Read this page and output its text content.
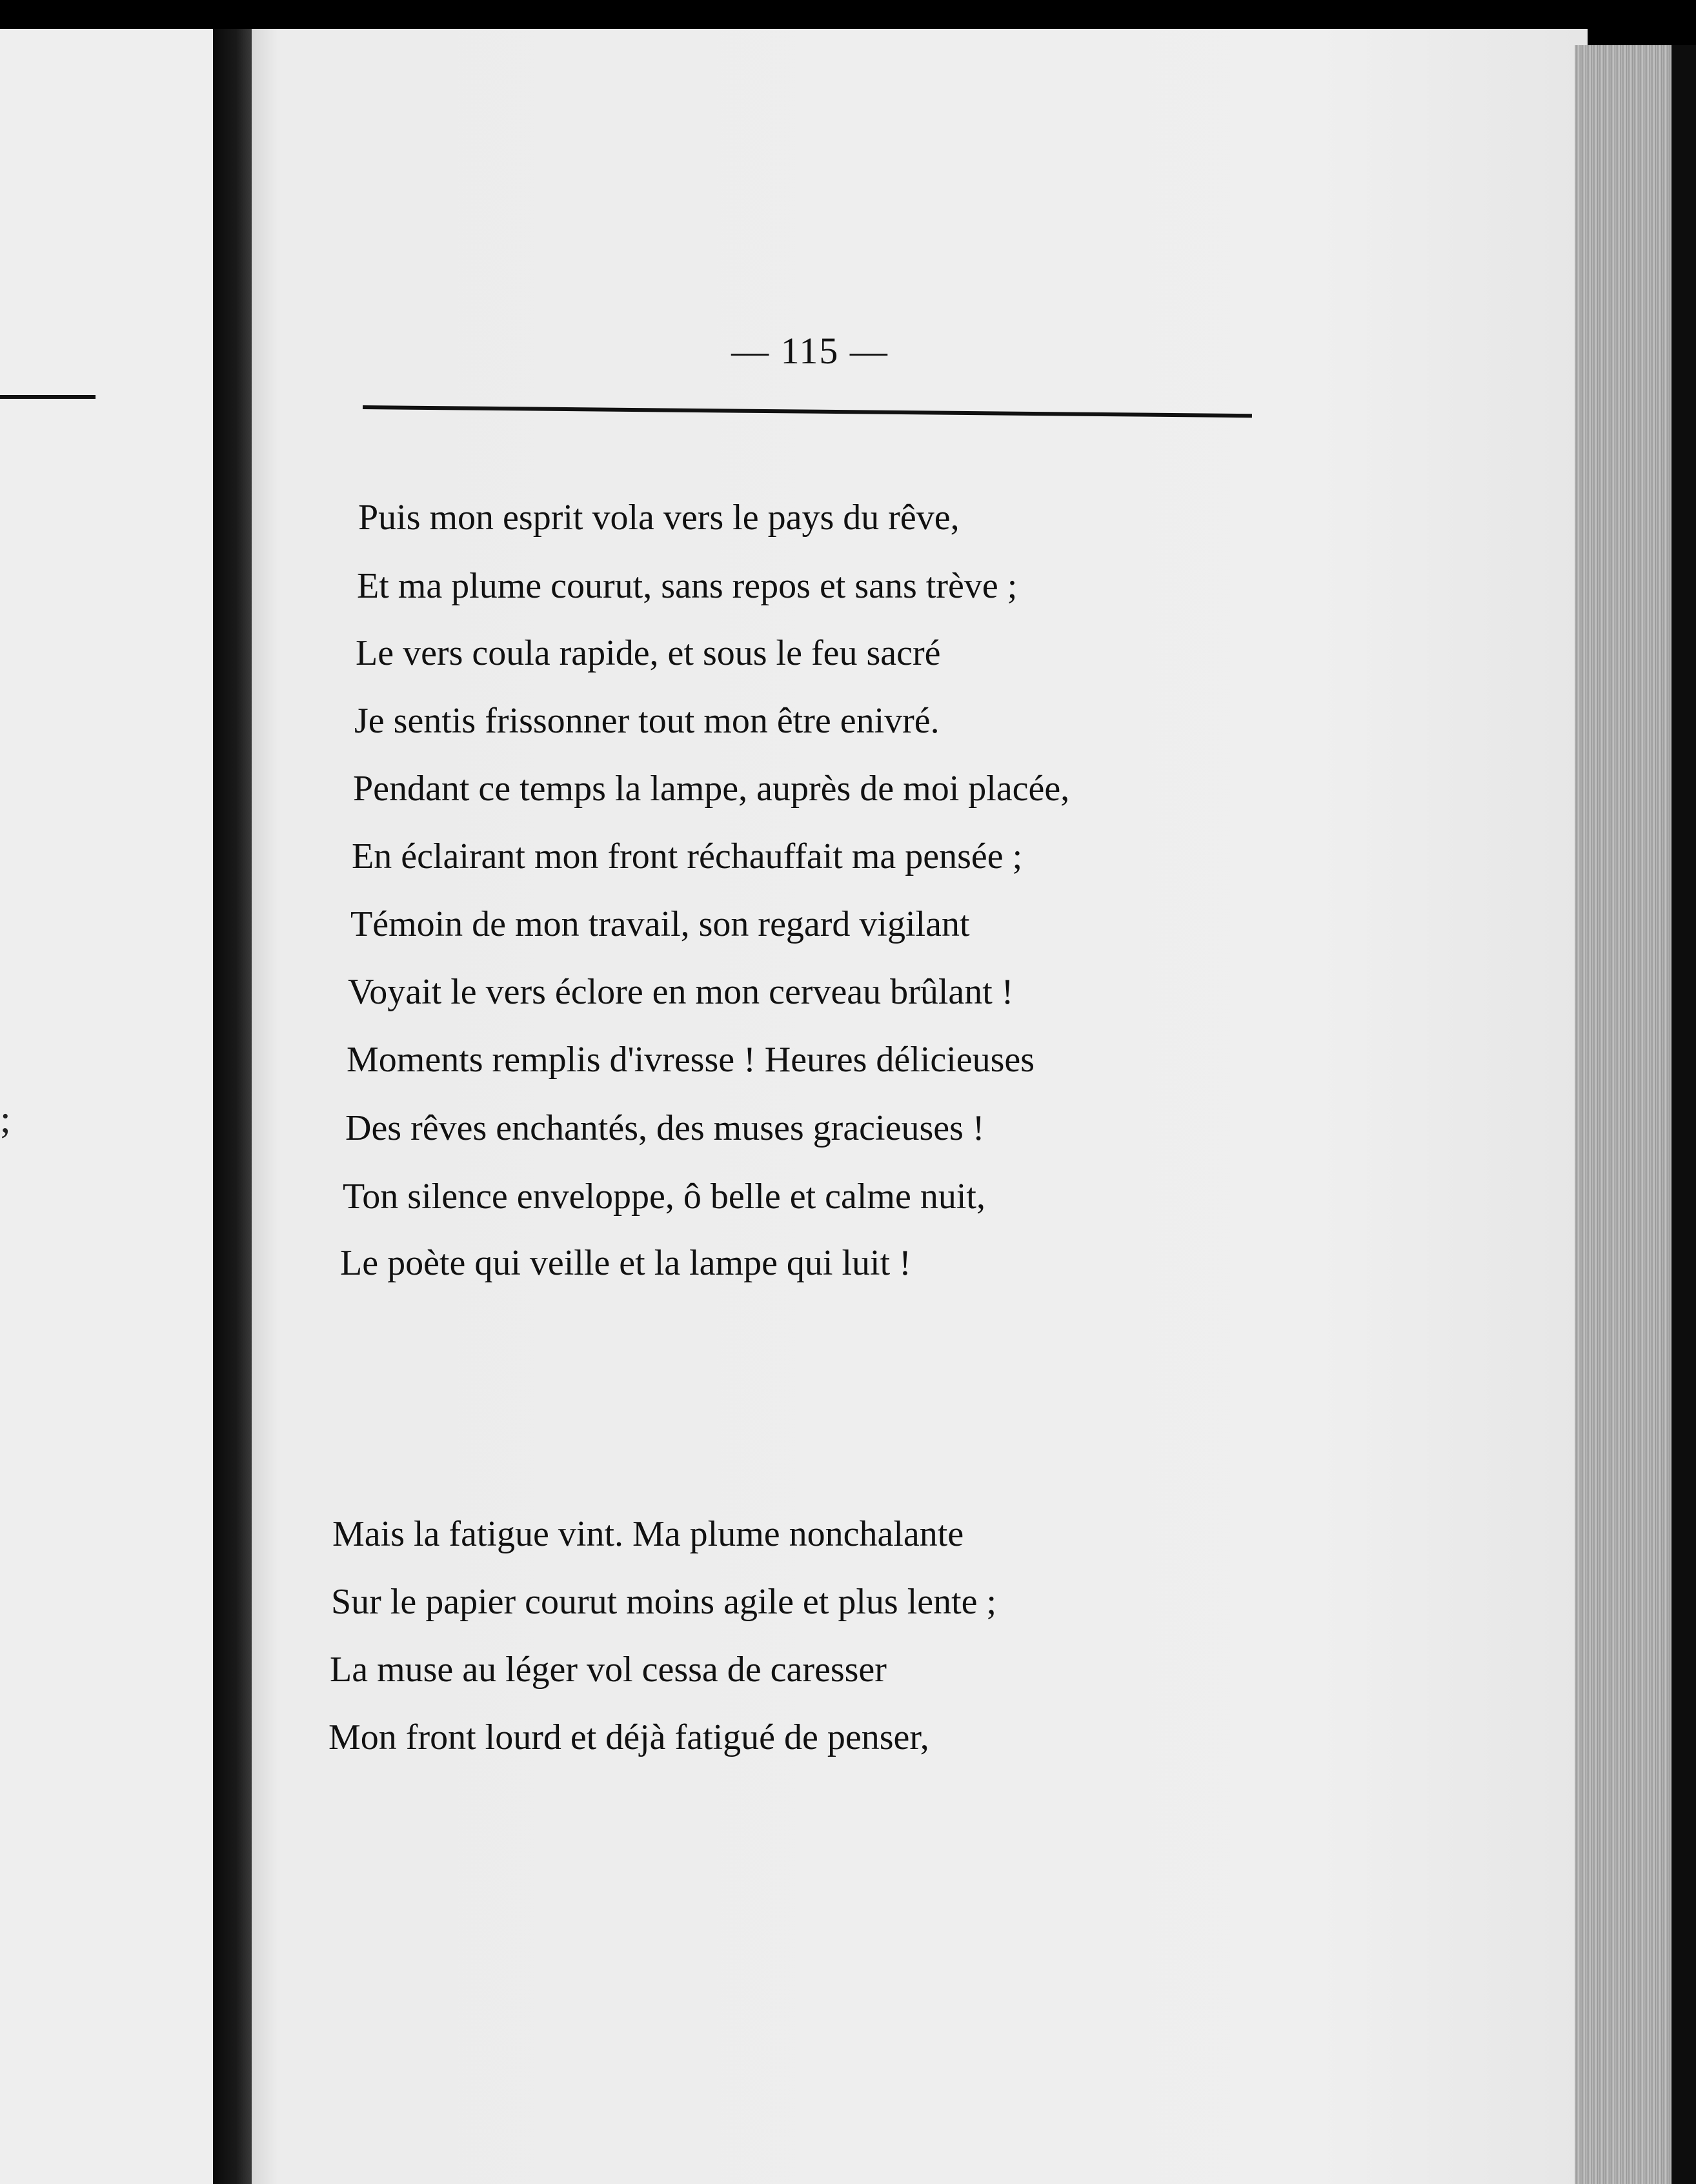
;
— 115 —
Puis mon esprit vola vers le pays du rêve,
Et ma plume courut, sans repos et sans trève ;
Le vers coula rapide, et sous le feu sacré
Je sentis frissonner tout mon être enivré.
Pendant ce temps la lampe, auprès de moi placée,
En éclairant mon front réchauffait ma pensée ;
Témoin de mon travail, son regard vigilant
Voyait le vers éclore en mon cerveau brûlant !
Moments remplis d'ivresse ! Heures délicieuses
Des rêves enchantés, des muses gracieuses !
Ton silence enveloppe, ô belle et calme nuit,
Le poète qui veille et la lampe qui luit !
Mais la fatigue vint. Ma plume nonchalante
Sur le papier courut moins agile et plus lente ;
La muse au léger vol cessa de caresser
Mon front lourd et déjà fatigué de penser,
